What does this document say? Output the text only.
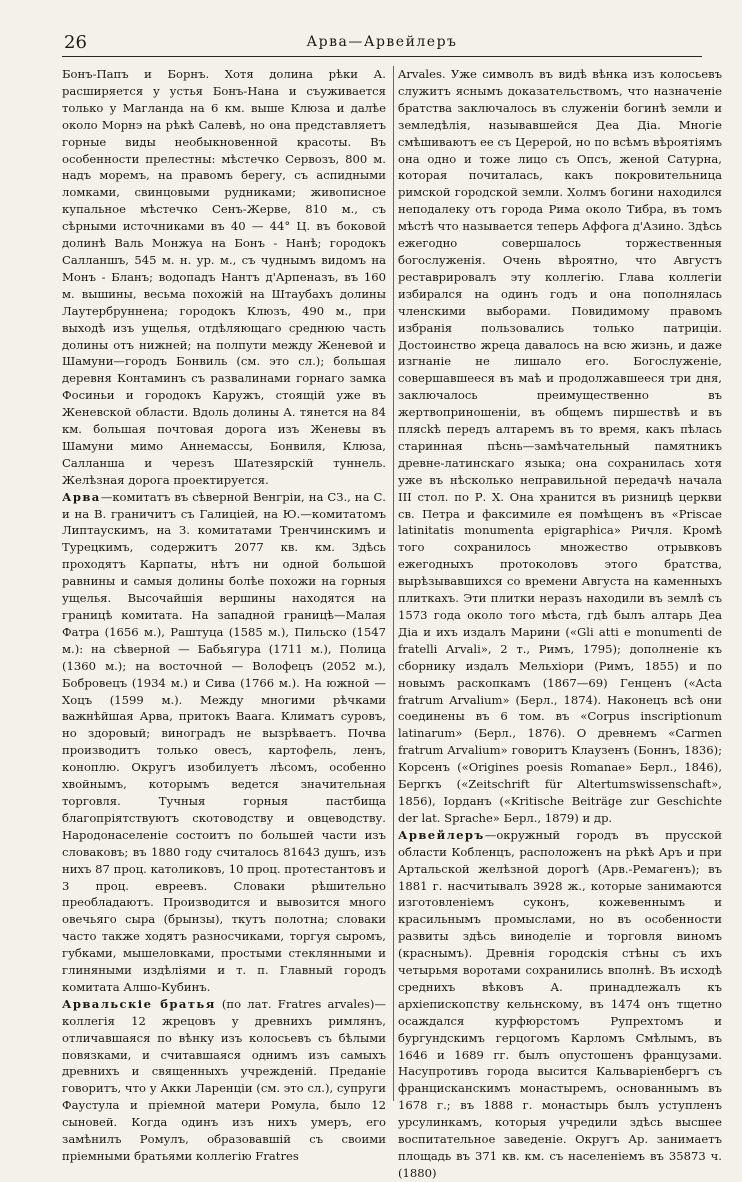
26	Арва—Арвейлеръ

Бонъ-Папъ и Борнъ. Хотя долина рѣки А. расширяется у устья Бонъ-Нана и съуживается только у Магланда на 6 км. выше Клюза и далѣе около Морнэ на рѣкѣ Салевѣ, но она представляетъ горные виды необыкновенной красоты. Въ особенности прелестны: мѣстечко Сервозъ, 800 м. надъ моремъ, на правомъ берегу, съ аспидными ломками, свинцовыми рудниками; живописное купальное мѣстечко Сенъ-Жерве, 810 м., съ сѣрными источниками въ 40 — 44° Ц. въ боковой долинѣ Валь Монжуа на Бонъ - Нанѣ; городокъ Салланшъ, 545 м. н. ур. м., съ чуднымъ видомъ на Монъ - Бланъ; водопадъ Нантъ д'Арпеназъ, въ 160 м. вышины, весьма похожій на Штаубахъ долины Лаутербруннена; городокъ Клюзъ, 490 м., при выходѣ изъ ущелья, отдѣляющаго среднюю часть долины отъ нижней; на полпути между Женевой и Шамуни—городъ Бонвиль (см. это сл.); большая деревня Контаминъ съ развалинами горнаго замка Фосиньи и городокъ Каружъ, стоящій уже въ Женевской области. Вдоль долины А. тянется на 84 км. большая почтовая дорога изъ Женевы въ Шамуни мимо Аннемассы, Бонвиля, Клюза, Салланша и черезъ Шатезярскій туннель. Желѣзная дорога проектируется.

Арва—комитатъ въ сѣверной Венгріи, на СЗ., на С. и на В. граничитъ съ Галиціей, на Ю.—комитатомъ Липтаускимъ, на З. комитатами Тренчинскимъ и Турецкимъ, содержитъ 2077 кв. км. Здѣсь проходятъ Карпаты, нѣтъ ни одной большой равнины и самыя долины болѣе похожи на горныя ущелья. Высочайшія вершины находятся на границѣ комитата. На западной границѣ—Малая Фатра (1656 м.), Раштуца (1585 м.), Пильско (1547 м.): на сѣверной — Бабьягура (1711 м.), Полица (1360 м.); на восточной — Волофецъ (2052 м.), Бобровецъ (1934 м.) и Сива (1766 м.). На южной — Хоцъ (1599 м.). Между многими рѣчками важнѣйшая Арва, притокъ Ваага. Климатъ суровъ, но здоровый; виноградъ не вызрѣваетъ. Почва производитъ только овесъ, картофель, ленъ, коноплю. Округъ изобилуетъ лѣсомъ, особенно хвойнымъ, которымъ ведется значительная торговля. Тучныя горныя пастбища благопріятствуютъ скотоводству и овцеводству. Народонаселеніе состоитъ по большей части изъ словаковъ; въ 1880 году считалось 81643 душъ, изъ нихъ 87 проц. католиковъ, 10 проц. протестантовъ и 3 проц. евреевъ. Словаки рѣшительно преобладаютъ. Производится и вывозится много овечьяго сыра (брынзы), ткутъ полотна; словаки часто также ходятъ разносчиками, торгуя сыромъ, губками, мышеловками, простыми стеклянными и глиняными издѣліями и т. п. Главный городъ комитата Алшо-Кубинъ.

Арвальскіе братья (по лат. Fratres arvales)—коллегія 12 жрецовъ у древнихъ римлянъ, отличавшаяся по вѣнку изъ колосьевъ съ бѣлыми повязками, и считавшаяся однимъ изъ самыхъ древнихъ и священныхъ учрежденій. Преданіе говоритъ, что у Акки Ларенціи (см. это сл.), супруги Фаустула и пріемной матери Ромула, было 12 сыновей. Когда одинъ изъ нихъ умеръ, его замѣнилъ Ромулъ, образовавшій съ своими пріемными братьями коллегію Fratres

Arvales. Уже символъ въ видѣ вѣнка изъ колосьевъ служитъ яснымъ доказательствомъ, что назначеніе братства заключалось въ служеніи богинѣ земли и земледѣлія, называвшейся Деа Діа. Многіе смѣшиваютъ ее съ Церерой, но по всѣмъ вѣроятіямъ она одно и тоже лицо съ Опсъ, женой Сатурна, которая почиталась, какъ покровительница римской городской земли. Холмъ богини находился неподалеку отъ города Рима около Тибра, въ томъ мѣстѣ что называется теперь Аффога д'Азино. Здѣсь ежегодно совершалось торжественныя богослуженія. Очень вѣроятно, что Августъ реставрировалъ эту коллегію. Глава коллегіи избирался на одинъ годъ и она пополнялась членскими выборами. Повидимому правомъ избранія пользовались только патриціи. Достоинство жреца давалось на всю жизнь, и даже изгнаніе не лишало его. Богослуженіе, совершавшееся въ маѣ и продолжавшееся три дня, заключалось преимущественно въ жертвоприношеніи, въ общемъ пиршествѣ и въ плясkѣ передъ алтаремъ въ то время, какъ пѣлась старинная пѣснь—замѣчательный памятникъ древне-латинскаго языка; она сохранилась хотя уже въ нѣсколько неправильной передачѣ начала III стол. по Р. Х. Она хранится въ ризницѣ церкви св. Петра и факсимиле ея помѣщенъ въ «Priscae latinitatis monumenta epigraphica» Ричля. Кромѣ того сохранилось множество отрывковъ ежегодныхъ протоколовъ этого братства, вырѣзывавшихся со времени Августа на каменныхъ плиткахъ. Эти плитки неразъ находили въ землѣ съ 1573 года около того мѣста, гдѣ былъ алтарь Деа Діа и ихъ издалъ Марини («Gli atti e monumenti de fratelli Arvali», 2 т., Римъ, 1795); дополненіе къ сборнику издалъ Мельхіори (Римъ, 1855) и по новымъ раскопкамъ (1867—69) Генценъ («Acta fratrum Arvalium» (Берл., 1874). Наконецъ всѣ они соединены въ 6 том. въ «Corpus inscriptionum latinarum» (Берл., 1876). О древнемъ «Carmen fratrum Arvalium» говоритъ Клаузенъ (Боннъ, 1836); Корсенъ («Origines poesis Romanae» Берл., 1846), Бергкъ («Zeitschrift für Altertumswissenschaft», 1856), Іорданъ («Kritische Beiträge zur Geschichte der lat. Sprache» Берл., 1879) и др.

Арвейлеръ—окружный городъ въ прусской области Кобленцъ, расположенъ на рѣкѣ Аръ и при Артальской желѣзной дорогѣ (Арв.-Ремагенъ); въ 1881 г. насчитывалъ 3928 ж., которые занимаются изготовленіемъ суконъ, кожевеннымъ и красильнымъ промыслами, но въ особенности развиты здѣсь виноделіе и торговля виномъ (краснымъ). Древнія городскія стѣны съ ихъ четырьмя воротами сохранились вполнѣ. Въ исходѣ среднихъ вѣковъ А. принадлежалъ къ архіепископству кельнскому, въ 1474 онъ тщетно осаждался курфюрстомъ Рупрехтомъ и бургундскимъ герцогомъ Карломъ Смѣлымъ, въ 1646 и 1689 гг. былъ опустошенъ французами. Насупротивъ города высится Кальваріенбергъ съ францисканскимъ монастыремъ, основаннымъ въ 1678 г.; въ 1888 г. монастырь былъ уступленъ урсулинкамъ, которыя учредили здѣсь высшее воспитательное заведеніе. Округъ Ар. занимаетъ площадь въ 371 кв. км. съ населеніемъ въ 35873 ч. (1880)
